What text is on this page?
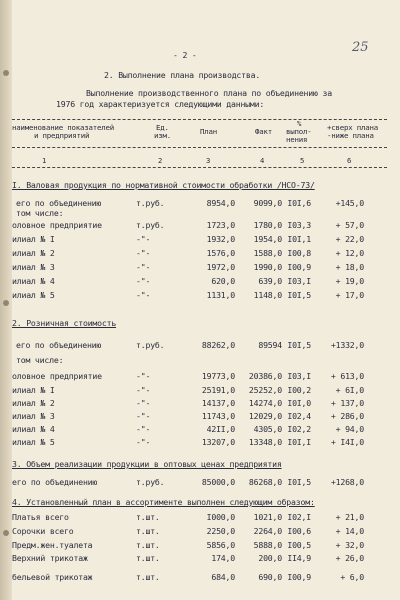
25
- 2 -
2. Выполнение плана производства.
Выполнение производственного плана по объединению за
1976 год характеризуется следующими данными:
наименование показателей
и предприятий
Ед.
изм.	План	Факт
%
выпол-
нения
+сверх плана
-ниже плана
1	2	3	4	5	6
I. Валовая продукция по нормативной стоимости обработки /НСО-73/
его по объединению
том числе:
т.руб.	8954,0	9099,0 I0I,6	+145,0
оловное предприятие	т.руб.	1723,0	1780,0 I03,3	+ 57,0
илиал № I	-"-	1932,0	1954,0 I0I,1	+ 22,0
илиал № 2	-"-	1576,0	1588,0 I00,8	+ 12,0
илиал № 3	-"-	1972,0	1990,0 I00,9	+ 18,0
илиал № 4	-"-	620,0	639,0 I03,I	+ 19,0
илиал № 5	-"-	1131,0	1148,0 I0I,5	+ 17,0
2. Розничная стоимость
его по объединению
том числе:
т.руб.	88262,0	89594 I0I,5	+1332,0
оловное предприятие	-"-	19773,0	20386,0 I03,I	+ 613,0
илиал № I	-"-	25191,0	25252,0 I00,2	+ 6I,0
илиал № 2	-"-	14137,0	14274,0 I0I,0	+ 137,0
илиал № 3	-"-	11743,0	12029,0 I02,4	+ 286,0
илиал № 4	-"-	42II,0	4305,0 I02,2	+ 94,0
илиал № 5	-"-	13207,0	13348,0 I0I,I	+ I4I,0
3. Объем реализации продукции в оптовых ценах предприятия
его по объединению	т.руб.	85000,0	86268,0 I0I,5	+1268,0
4. Установленный план в ассортименте выполнен следующим образом:
Платья всего	т.шт.	I000,0	1021,0 I02,I	+ 21,0
Сорочки всего	т.шт.	2250,0	2264,0 I00,6	+ 14,0
Предм.жен.туалета	т.шт.	5856,0	5888,0 I00,5	+ 32,0
Верхний трикотаж	т.шт.	174,0	200,0 II4,9	+ 26,0
бельевой трикотаж	т.шт.	684,0	690,0 I00,9	+ 6,0
